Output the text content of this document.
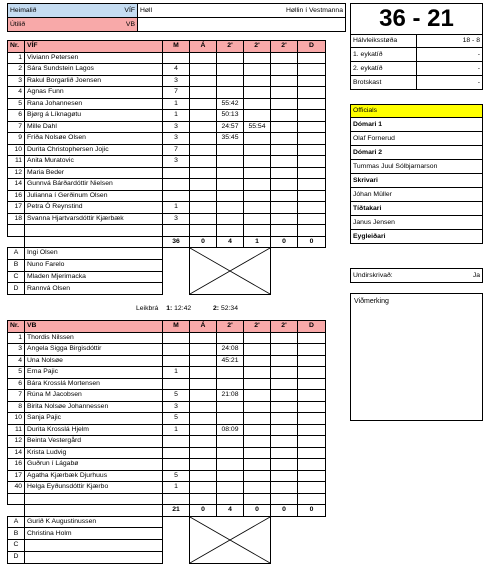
Heimalið VÍF	Høll Høllin í Vestmanna

Útilið VB	
		36 - 21	
Hálvleiksstøða	18 - 8
1. eykatíð	-
2. eykatíð	-
Brotskast	-
Officials
Dómari 1
Olaf Fornerud
Dómari 2
Tummas Juul Sólbjarnarson
Skrivari
Jóhan Müller
Tíðtakari
Janus Jensen
Eygleiðari
Undirskrivað:	Ja
Viðmerking
Nr.	VÍF	M	Á	2'	2'	2'	D
1	Viviann Petersen						
2	Sára Sundstein Lagos	4					
3	Rakul Borgarlið Joensen	3					
4	Agnas Funn	7					
5	Rana Johannesen	1		55:42			
6	Bjørg á Líknagøtu	1		50:13			
7	Mille Dahl	3		24:57	55:54		
9	Fríða Nolsøe Olsen	3		35:45			
10	Durita Christophersen Jojic	7					
11	Anita Muratovic	3					
12	Maria Beder						
14	Gunnvá Bárðardóttir Nielsen						
16	Julianna í Gerðinum Olsen						
17	Petra Ó Reynstind	1					
18	Svanna Hjartvarsdóttir Kjærbæk	3					

		36	0	4	1	0	0
A	Ingi Olsen		

B	Nuno Farelo						
C	Mladen Mjerimacka						
D	Rannvá Olsen						
Leikbrá 1: 12:42	2: 52:34
Nr.	VB	M	Á	2'	2'	2'	D
1	Thordis Nilssen						
3	Angela Sigga Birgisdóttir			24:08			
4	Una Nolsøe			45:21			
5	Erna Pajic	1					
6	Bára Krosslá Mortensen						
7	Rúna M Jacobsen	5		21:08			
8	Birita Nolsøe Johannessen	3					
10	Sanja Pajic	5					
11	Durita Krosslá Hjelm	1		08:09			
12	Beinta Vestergård						
14	Krista Ludvig						
16	Guðrun í Lágabø						
17	Agatha Kjærbæk Djurhuus	5					
40	Helga Eyðunsdóttir Kjærbo	1					

		21	0	4	0	0	0
A	Gurið K Augustinussen		

B	Christina Holm						
C							
D							
